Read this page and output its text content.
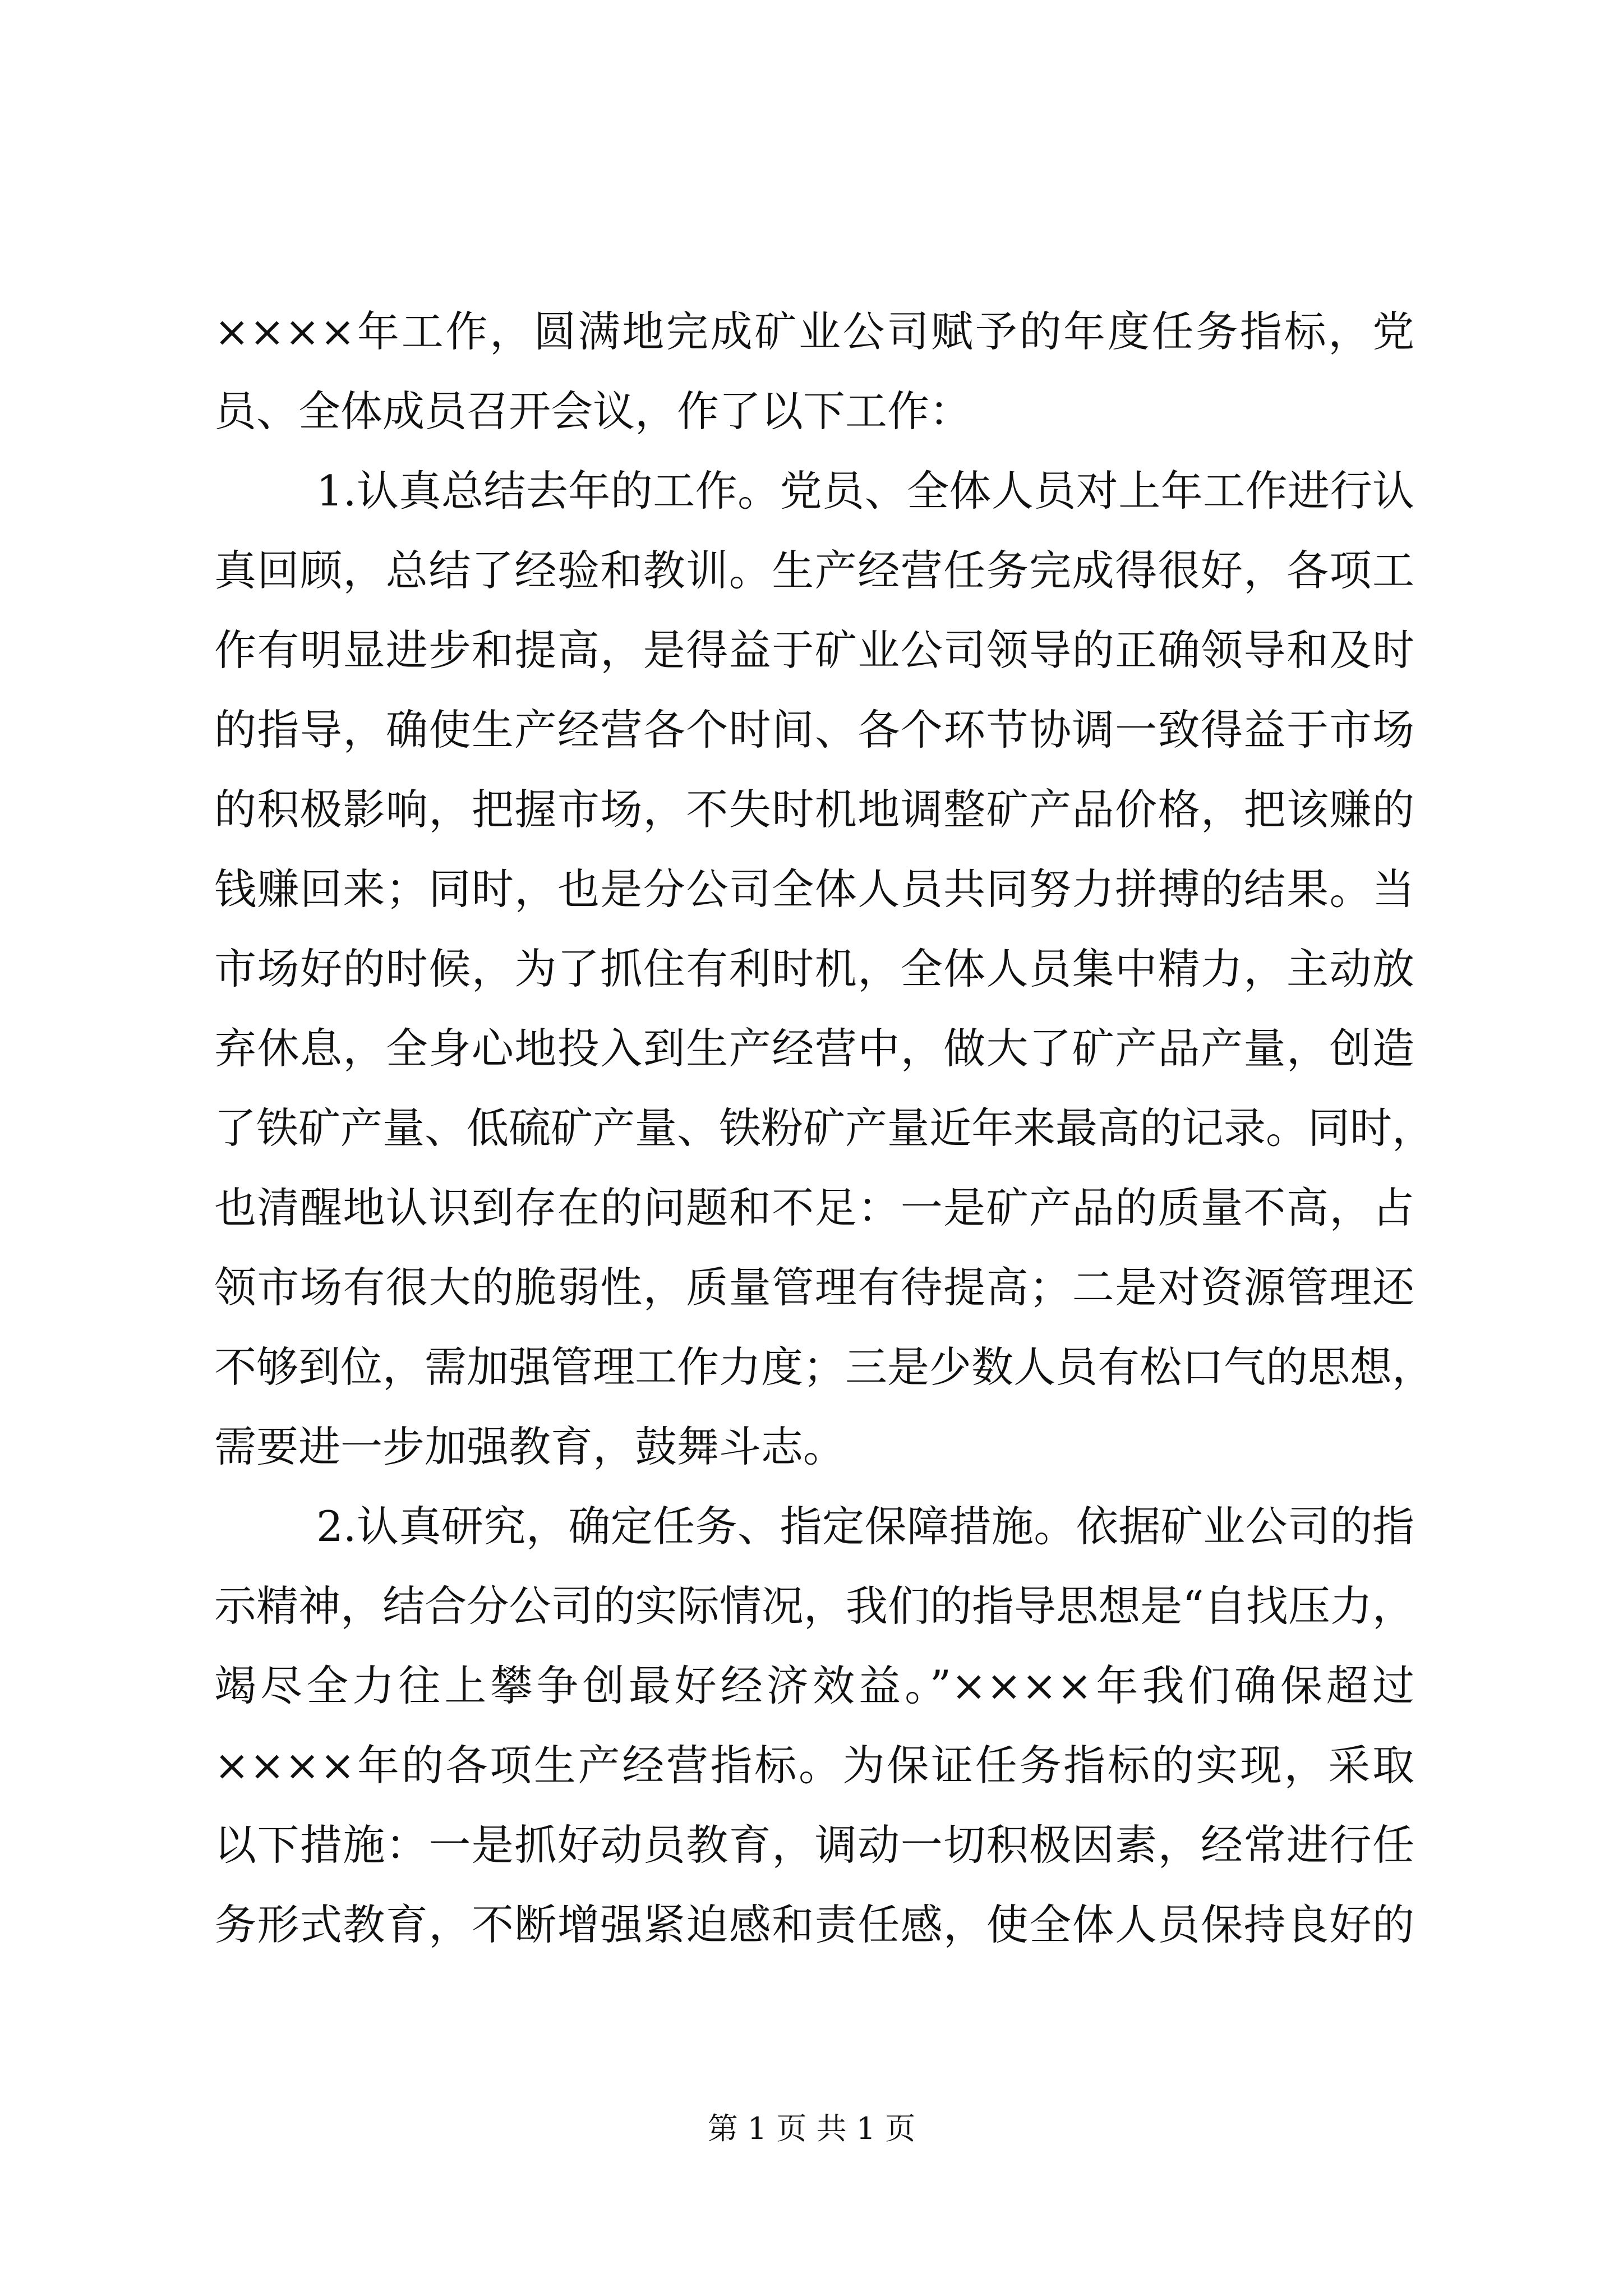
××××年工作，圆满地完成矿业公司赋予的年度任务指标，党
员、全体成员召开会议，作了以下工作：
1.认真总结去年的工作。党员、全体人员对上年工作进行认
真回顾，总结了经验和教训。生产经营任务完成得很好，各项工
作有明显进步和提高，是得益于矿业公司领导的正确领导和及时
的指导，确使生产经营各个时间、各个环节协调一致得益于市场
的积极影响，把握市场，不失时机地调整矿产品价格，把该赚的
钱赚回来；同时，也是分公司全体人员共同努力拼搏的结果。当
市场好的时候，为了抓住有利时机，全体人员集中精力，主动放
弃休息，全身心地投入到生产经营中，做大了矿产品产量，创造
了铁矿产量、低硫矿产量、铁粉矿产量近年来最高的记录。同时，
也清醒地认识到存在的问题和不足：一是矿产品的质量不高，占
领市场有很大的脆弱性，质量管理有待提高；二是对资源管理还
不够到位，需加强管理工作力度；三是少数人员有松口气的思想，
需要进一步加强教育，鼓舞斗志。
2.认真研究，确定任务、指定保障措施。依据矿业公司的指
示精神，结合分公司的实际情况，我们的指导思想是“自找压力，
竭尽全力往上攀争创最好经济效益。”××××年我们确保超过
××××年的各项生产经营指标。为保证任务指标的实现，采取
以下措施：一是抓好动员教育，调动一切积极因素，经常进行任
务形式教育，不断增强紧迫感和责任感，使全体人员保持良好的
第 1 页 共 1 页
